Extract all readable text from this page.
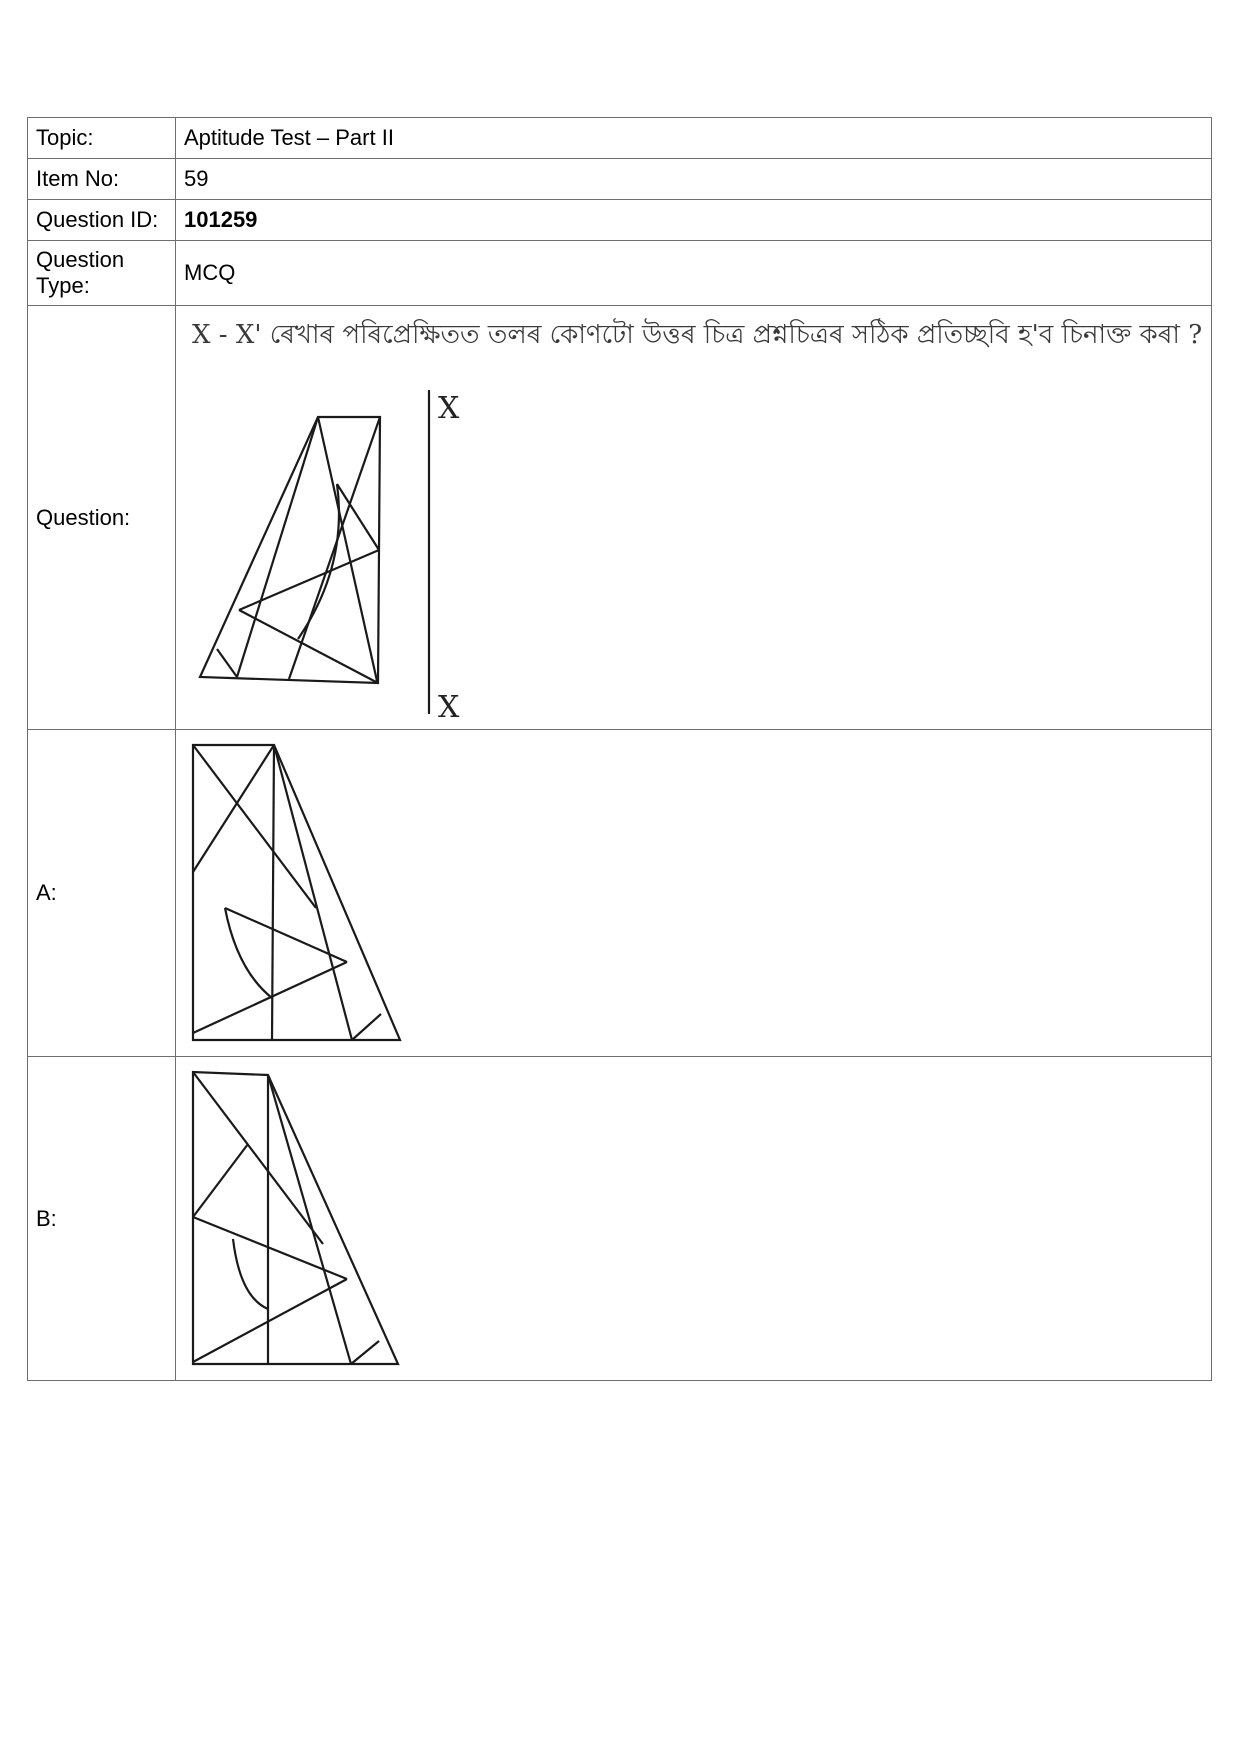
Topic:	Aptitude Test – Part II
Item No:	59
Question ID:	101259
Question Type:	MCQ
Question:	X - X' ৰেখাৰ পৰিপ্ৰেক্ষিতত তলৰ কোণটো উত্তৰ চিত্ৰ প্ৰশ্নচিত্ৰৰ সঠিক প্ৰতিচ্ছবি হ'ব চিনাক্ত কৰা ?
X
X

A:	

B:	
